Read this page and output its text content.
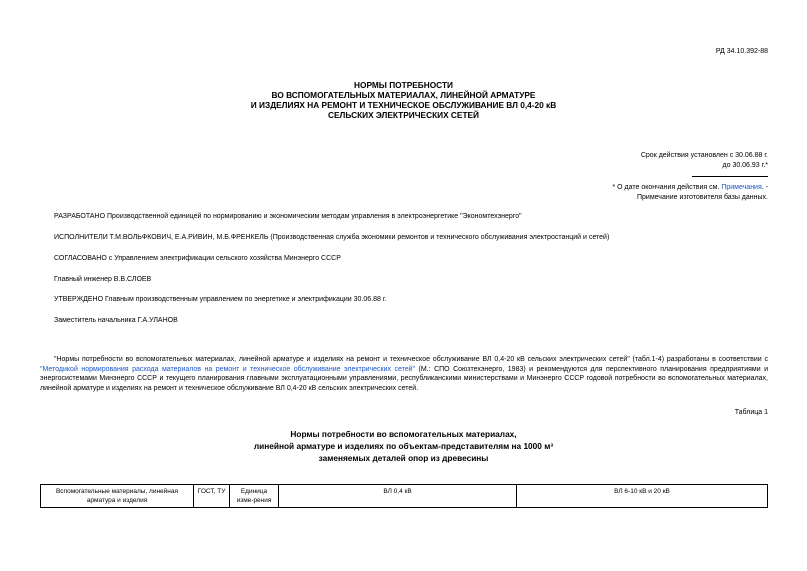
РД 34.10.392-88
НОРМЫ ПОТРЕБНОСТИ
ВО ВСПОМОГАТЕЛЬНЫХ МАТЕРИАЛАХ, ЛИНЕЙНОЙ АРМАТУРЕ
И ИЗДЕЛИЯХ НА РЕМОНТ И ТЕХНИЧЕСКОЕ ОБСЛУЖИВАНИЕ ВЛ 0,4-20 кВ
СЕЛЬСКИХ ЭЛЕКТРИЧЕСКИХ СЕТЕЙ
Срок действия установлен с 30.06.88 г.
до 30.06.93 г.*
* О дате окончания действия см. Примечания. -
Примечание изготовителя базы данных.
РАЗРАБОТАНО Производственной единицей по нормированию и экономическим методам управления в электроэнергетике "Экономтехэнерго"
ИСПОЛНИТЕЛИ Т.М.ВОЛЬФКОВИЧ, Е.А.РИВИН, М.Б.ФРЕНКЕЛЬ (Производственная служба экономики ремонтов и технического обслуживания электростанций и сетей)
СОГЛАСОВАНО с Управлением электрификации сельского хозяйства Минэнерго СССР
Главный инженер В.В.СЛОЕВ
УТВЕРЖДЕНО Главным производственным управлением по энергетике и электрификации 30.06.88 г.
Заместитель начальника Г.А.УЛАНОВ
"Нормы потребности во вспомогательных материалах, линейной арматуре и изделиях на ремонт и техническое обслуживание ВЛ 0,4-20 кВ сельских электрических сетей" (табл.1-4) разработаны в соответствии с "Методикой нормирования расхода материалов на ремонт и техническое обслуживание электрических сетей" (М.: СПО Союзтехэнерго, 1983) и рекомендуются для перспективного планирования предприятиями и энергосистемами Минэнерго СССР и текущего планирования главными эксплуатационными управлениями, республиканскими министерствами и Минэнерго СССР годовой потребности во вспомогательных материалах, линейной арматуре и изделиях на ремонт и техническое обслуживание ВЛ 0,4-20 кВ сельских электрических сетей.
Таблица 1
Нормы потребности во вспомогательных материалах,
линейной арматуре и изделиях по объектам-представителям на 1000 м³
заменяемых деталей опор из древесины
Вспомогательные материалы, линейная арматура и изделия	ГОСТ, ТУ	Единица изме-рения	ВЛ 0,4 кВ	ВЛ 6-10 кВ и 20 кВ
